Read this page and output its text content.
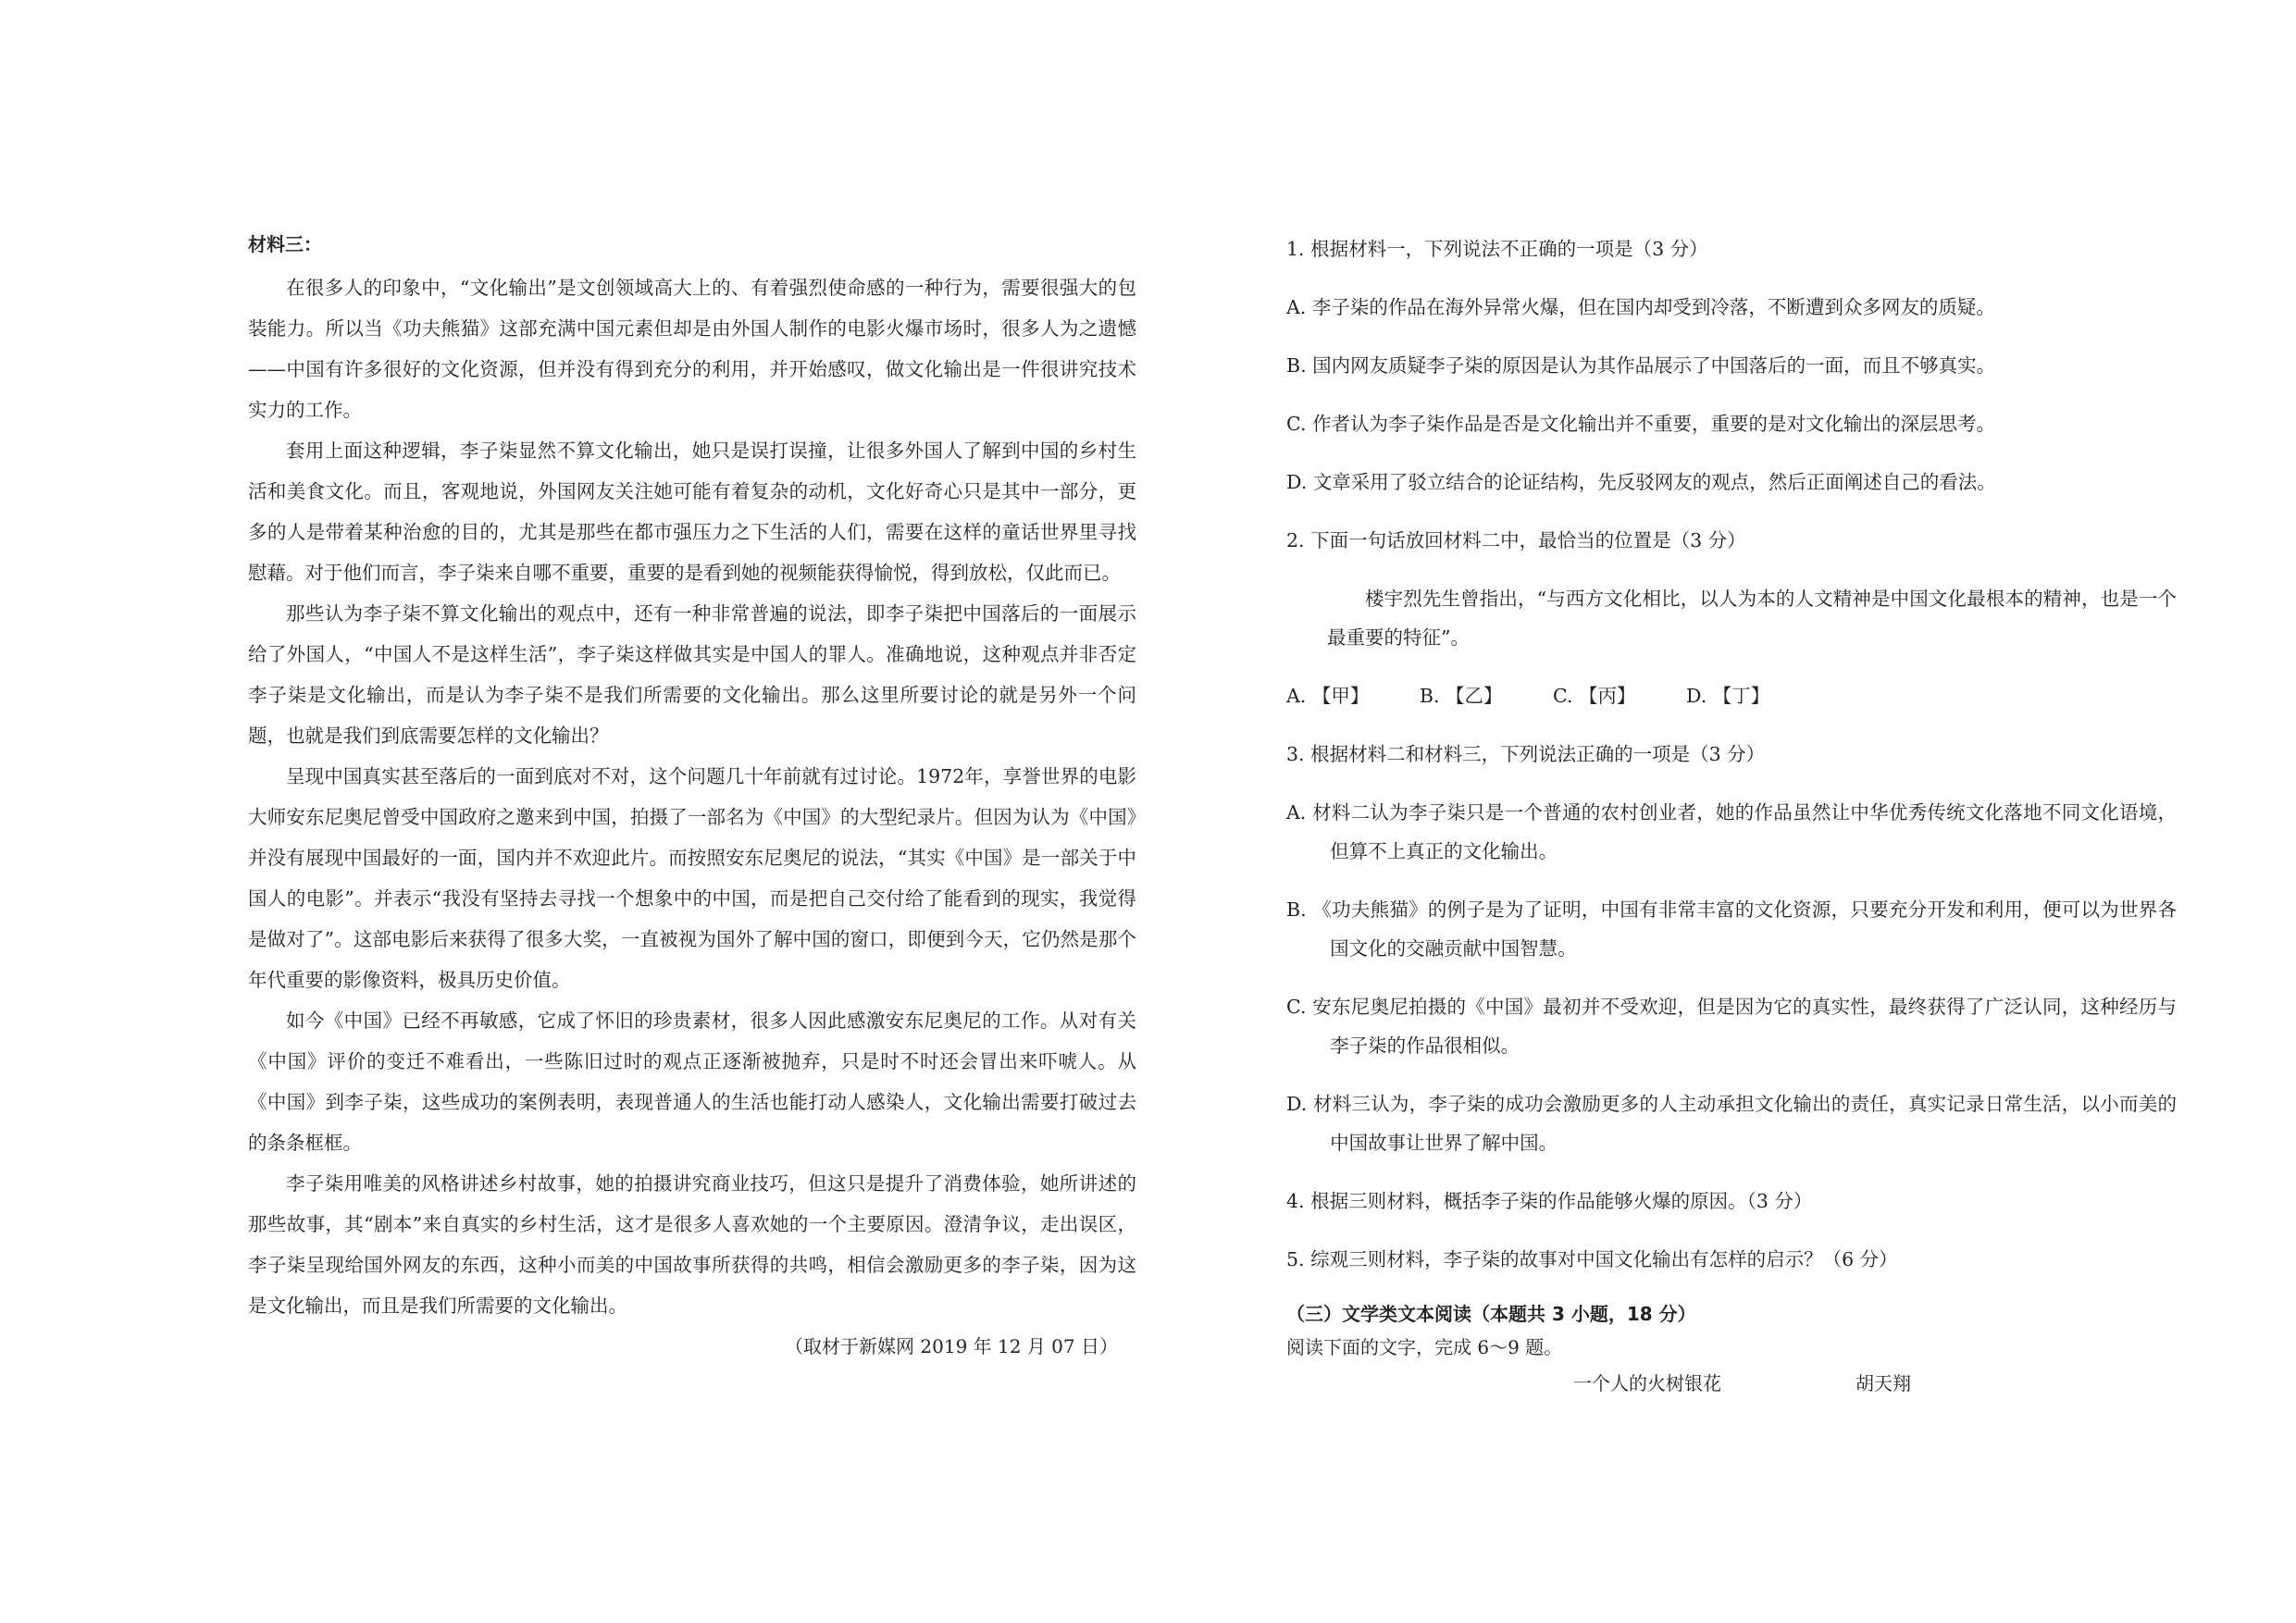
材料三：

在很多人的印象中，“文化输出”是文创领域高大上的、有着强烈使命感的一种行为，需要很强大的包装能力。所以当《功夫熊猫》这部充满中国元素但却是由外国人制作的电影火爆市场时，很多人为之遗憾——中国有许多很好的文化资源，但并没有得到充分的利用，并开始感叹，做文化输出是一件很讲究技术实力的工作。

套用上面这种逻辑，李子柒显然不算文化输出，她只是误打误撞，让很多外国人了解到中国的乡村生活和美食文化。而且，客观地说，外国网友关注她可能有着复杂的动机，文化好奇心只是其中一部分，更多的人是带着某种治愈的目的，尤其是那些在都市强压力之下生活的人们，需要在这样的童话世界里寻找慰藉。对于他们而言，李子柒来自哪不重要，重要的是看到她的视频能获得愉悦，得到放松，仅此而已。

那些认为李子柒不算文化输出的观点中，还有一种非常普遍的说法，即李子柒把中国落后的一面展示给了外国人，“中国人不是这样生活”，李子柒这样做其实是中国人的罪人。准确地说，这种观点并非否定李子柒是文化输出，而是认为李子柒不是我们所需要的文化输出。那么这里所要讨论的就是另外一个问题，也就是我们到底需要怎样的文化输出？

呈现中国真实甚至落后的一面到底对不对，这个问题几十年前就有过讨论。1972年，享誉世界的电影大师安东尼奥尼曾受中国政府之邀来到中国，拍摄了一部名为《中国》的大型纪录片。但因为认为《中国》并没有展现中国最好的一面，国内并不欢迎此片。而按照安东尼奥尼的说法，“其实《中国》是一部关于中国人的电影”。并表示“我没有坚持去寻找一个想象中的中国，而是把自己交付给了能看到的现实，我觉得是做对了”。这部电影后来获得了很多大奖，一直被视为国外了解中国的窗口，即便到今天，它仍然是那个年代重要的影像资料，极具历史价值。

如今《中国》已经不再敏感，它成了怀旧的珍贵素材，很多人因此感激安东尼奥尼的工作。从对有关《中国》评价的变迁不难看出，一些陈旧过时的观点正逐渐被抛弃，只是时不时还会冒出来吓唬人。从《中国》到李子柒，这些成功的案例表明，表现普通人的生活也能打动人感染人，文化输出需要打破过去的条条框框。

李子柒用唯美的风格讲述乡村故事，她的拍摄讲究商业技巧，但这只是提升了消费体验，她所讲述的那些故事，其“剧本”来自真实的乡村生活，这才是很多人喜欢她的一个主要原因。澄清争议，走出误区，李子柒呈现给国外网友的东西，这种小而美的中国故事所获得的共鸣，相信会激励更多的李子柒，因为这是文化输出，而且是我们所需要的文化输出。

（取材于新媒网 2019 年 12 月 07 日）

1. 根据材料一，下列说法不正确的一项是（3 分）

A. 李子柒的作品在海外异常火爆，但在国内却受到冷落，不断遭到众多网友的质疑。

B. 国内网友质疑李子柒的原因是认为其作品展示了中国落后的一面，而且不够真实。

C. 作者认为李子柒作品是否是文化输出并不重要，重要的是对文化输出的深层思考。

D. 文章采用了驳立结合的论证结构，先反驳网友的观点，然后正面阐述自己的看法。

2. 下面一句话放回材料二中，最恰当的位置是（3 分）

楼宇烈先生曾指出，“与西方文化相比，以人为本的人文精神是中国文化最根本的精神，也是一个最重要的特征”。

A. 【甲】	B. 【乙】	C. 【丙】	D. 【丁】

3. 根据材料二和材料三，下列说法正确的一项是（3 分）

A. 材料二认为李子柒只是一个普通的农村创业者，她的作品虽然让中华优秀传统文化落地不同文化语境，但算不上真正的文化输出。

B. 《功夫熊猫》的例子是为了证明，中国有非常丰富的文化资源，只要充分开发和利用，便可以为世界各国文化的交融贡献中国智慧。

C. 安东尼奥尼拍摄的《中国》最初并不受欢迎，但是因为它的真实性，最终获得了广泛认同，这种经历与李子柒的作品很相似。

D. 材料三认为，李子柒的成功会激励更多的人主动承担文化输出的责任，真实记录日常生活，以小而美的中国故事让世界了解中国。

4. 根据三则材料，概括李子柒的作品能够火爆的原因。（3 分）

5. 综观三则材料，李子柒的故事对中国文化输出有怎样的启示？（6 分）

（三）文学类文本阅读（本题共 3 小题，18 分）

阅读下面的文字，完成 6～9 题。

一个人的火树银花	胡天翔
